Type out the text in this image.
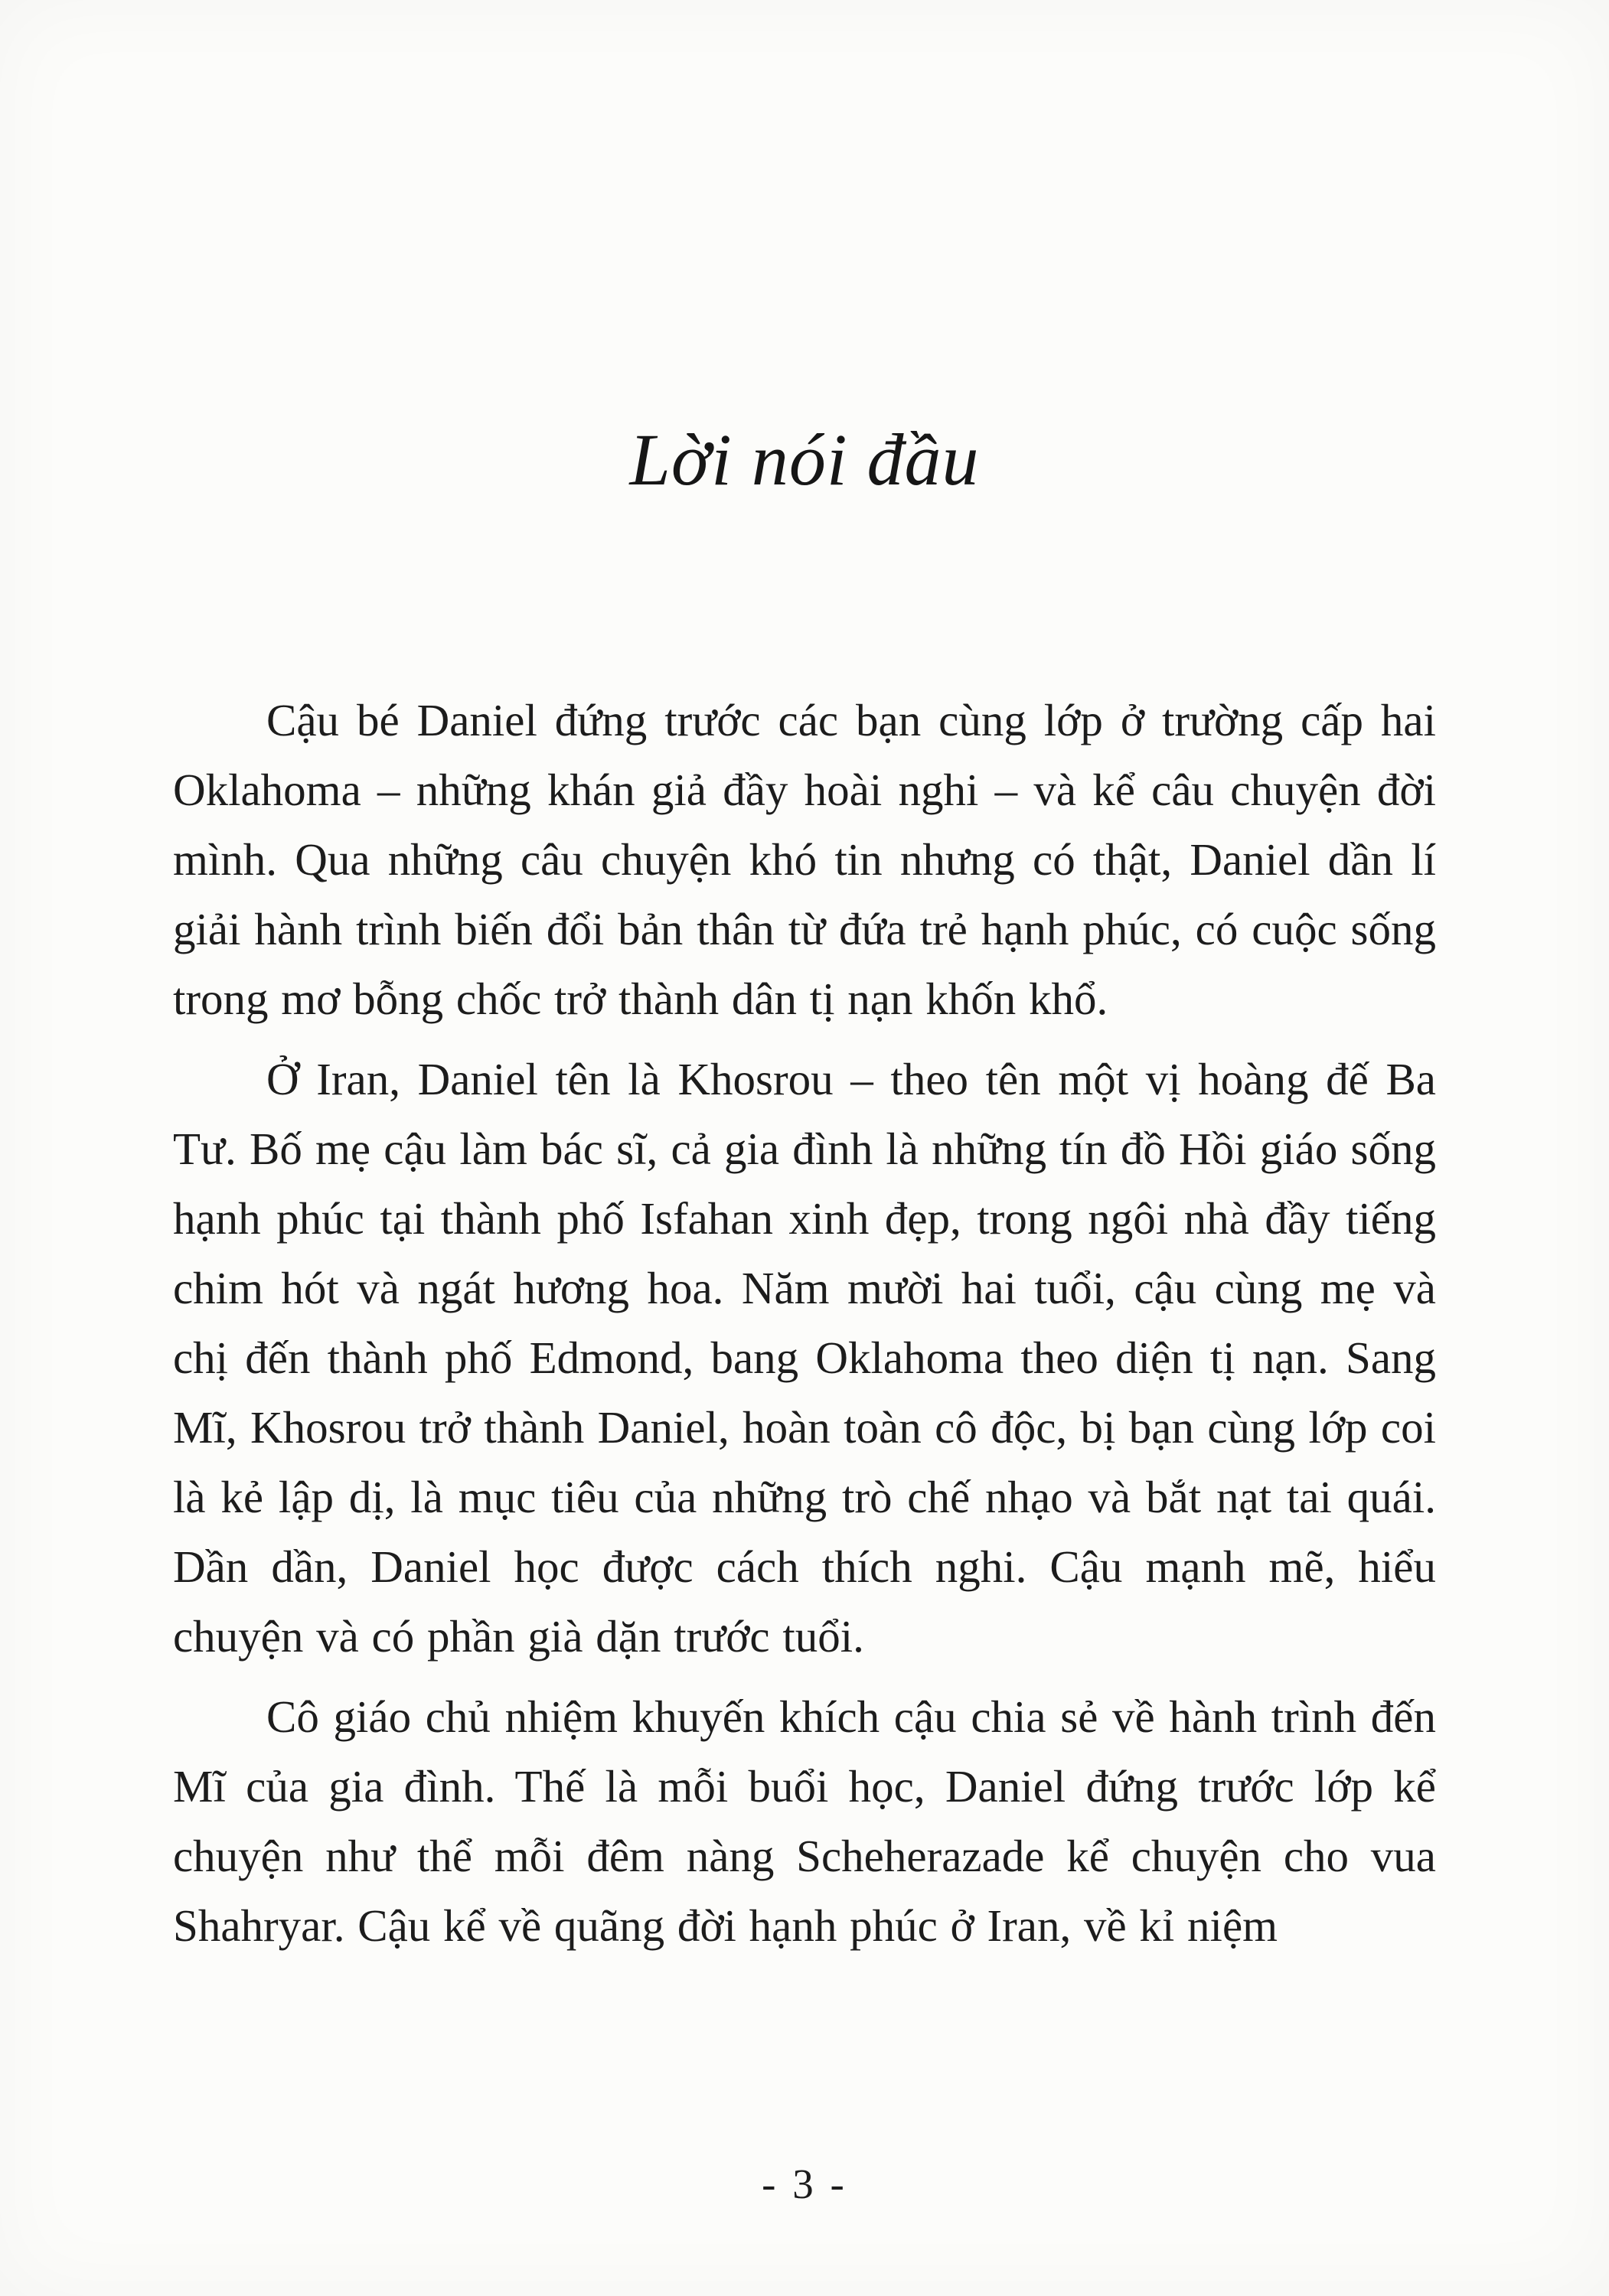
Lời nói đầu

Cậu bé Daniel đứng trước các bạn cùng lớp ở trường cấp hai Oklahoma – những khán giả đầy hoài nghi – và kể câu chuyện đời mình. Qua những câu chuyện khó tin nhưng có thật, Daniel dần lí giải hành trình biến đổi bản thân từ đứa trẻ hạnh phúc, có cuộc sống trong mơ bỗng chốc trở thành dân tị nạn khốn khổ.

Ở Iran, Daniel tên là Khosrou – theo tên một vị hoàng đế Ba Tư. Bố mẹ cậu làm bác sĩ, cả gia đình là những tín đồ Hồi giáo sống hạnh phúc tại thành phố Isfahan xinh đẹp, trong ngôi nhà đầy tiếng chim hót và ngát hương hoa. Năm mười hai tuổi, cậu cùng mẹ và chị đến thành phố Edmond, bang Oklahoma theo diện tị nạn. Sang Mĩ, Khosrou trở thành Daniel, hoàn toàn cô độc, bị bạn cùng lớp coi là kẻ lập dị, là mục tiêu của những trò chế nhạo và bắt nạt tai quái. Dần dần, Daniel học được cách thích nghi. Cậu mạnh mẽ, hiểu chuyện và có phần già dặn trước tuổi.

Cô giáo chủ nhiệm khuyến khích cậu chia sẻ về hành trình đến Mĩ của gia đình. Thế là mỗi buổi học, Daniel đứng trước lớp kể chuyện như thể mỗi đêm nàng Scheherazade kể chuyện cho vua Shahryar. Cậu kể về quãng đời hạnh phúc ở Iran, về kỉ niệm

- 3 -
